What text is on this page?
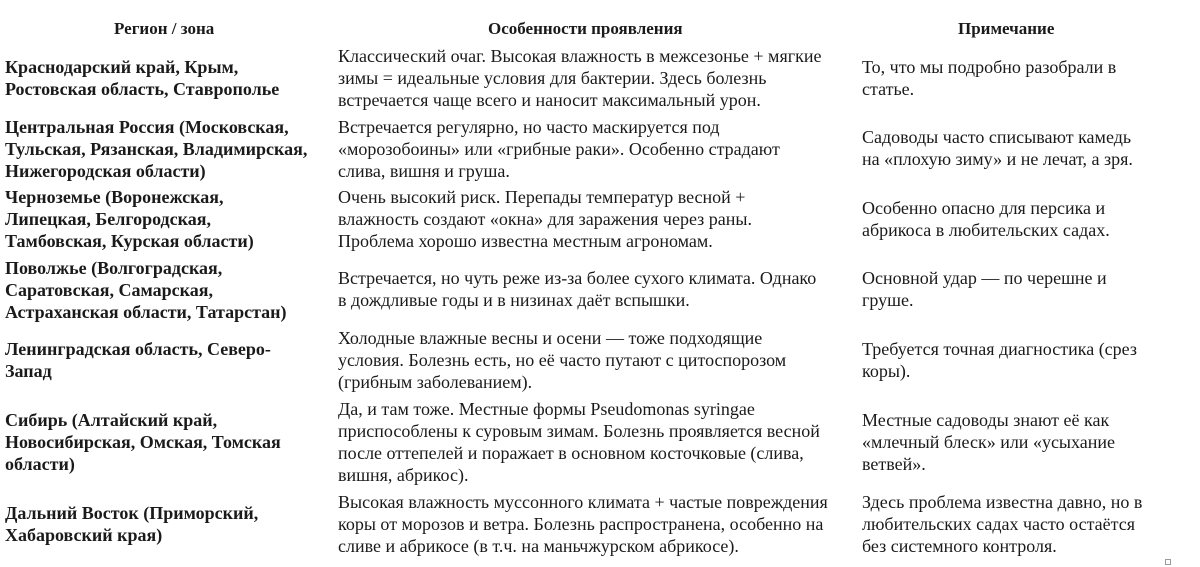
Регион / зона	Особенности проявления	Примечание
Краснодарский край, Крым,
Ростовская область, Ставрополье
Классический очаг. Высокая влажность в межсезонье + мягкие
зимы = идеальные условия для бактерии. Здесь болезнь
встречается чаще всего и наносит максимальный урон.
То, что мы подробно разобрали в
статье.
Центральная Россия (Московская,
Тульская, Рязанская, Владимирская,
Нижегородская области)
Встречается регулярно, но часто маскируется под
«морозобоины» или «грибные раки». Особенно страдают
слива, вишня и груша.
Садоводы часто списывают камедь
на «плохую зиму» и не лечат, а зря.
Черноземье (Воронежская,
Липецкая, Белгородская,
Тамбовская, Курская области)
Очень высокий риск. Перепады температур весной +
влажность создают «окна» для заражения через раны.
Проблема хорошо известна местным агрономам.
Особенно опасно для персика и
абрикоса в любительских садах.
Поволжье (Волгоградская,
Саратовская, Самарская,
Астраханская области, Татарстан)
Встречается, но чуть реже из-за более сухого климата. Однако
в дождливые годы и в низинах даёт вспышки.
Основной удар — по черешне и
груше.
Ленинградская область, Северо-
Запад
Холодные влажные весны и осени — тоже подходящие
условия. Болезнь есть, но её часто путают с цитоспорозом
(грибным заболеванием).
Требуется точная диагностика (срез
коры).
Сибирь (Алтайский край,
Новосибирская, Омская, Томская
области)
Да, и там тоже. Местные формы Pseudomonas syringae
приспособлены к суровым зимам. Болезнь проявляется весной
после оттепелей и поражает в основном косточковые (слива,
вишня, абрикос).
Местные садоводы знают её как
«млечный блеск» или «усыхание
ветвей».
Дальний Восток (Приморский,
Хабаровский края)
Высокая влажность муссонного климата + частые повреждения
коры от морозов и ветра. Болезнь распространена, особенно на
сливе и абрикосе (в т.ч. на маньчжурском абрикосе).
Здесь проблема известна давно, но в
любительских садах часто остаётся
без системного контроля.
